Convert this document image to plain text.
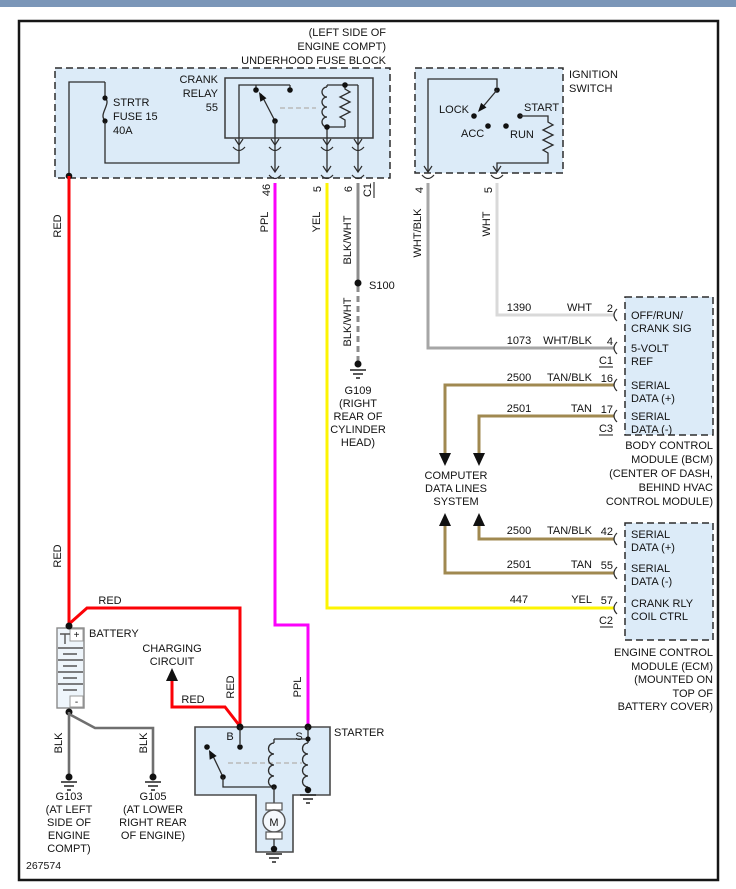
(LEFT SIDE OF
ENGINE COMPT)
UNDERHOOD FUSE BLOCK
STRTR
FUSE 15
40A
CRANK
RELAY
55
46	5 6 C1
IGNITION
SWITCH
LOCK
ACC RUN
START
4	5
RED
RED
PPL	YEL BLK/WHT
BLK/WHT
WHT/BLK	WHT
RED	PPL
BLK	BLK
RED
RED
S100
G109
(RIGHT
REAR OF
CYLINDER
HEAD)
1390	WHT 2
OFF/RUN/
CRANK SIG
1073 WHT/BLK 4
C1
5-VOLT
REF
2500 TAN/BLK 16
SERIAL
DATA (+)
2501	TAN 17
C3
SERIAL
DATA (-)
BODY CONTROL
MODULE (BCM)
(CENTER OF DASH,
BEHIND HVAC
CONTROL MODULE)
COMPUTER
DATA LINES
SYSTEM
2500 TAN/BLK 42 SERIAL
DATA (+)
2501	TAN 55 SERIAL
DATA (-)
447	YEL 57
C2
CRANK RLY
COIL CTRL
ENGINE CONTROL
MODULE (ECM)
(MOUNTED ON
TOP OF
BATTERY COVER)
+
-
BATTERY
CHARGING
CIRCUIT
G103
(AT LEFT
SIDE OF
ENGINE
COMPT)
G105
(AT LOWER
RIGHT REAR
OF ENGINE)
STARTER
B	S
M
267574
